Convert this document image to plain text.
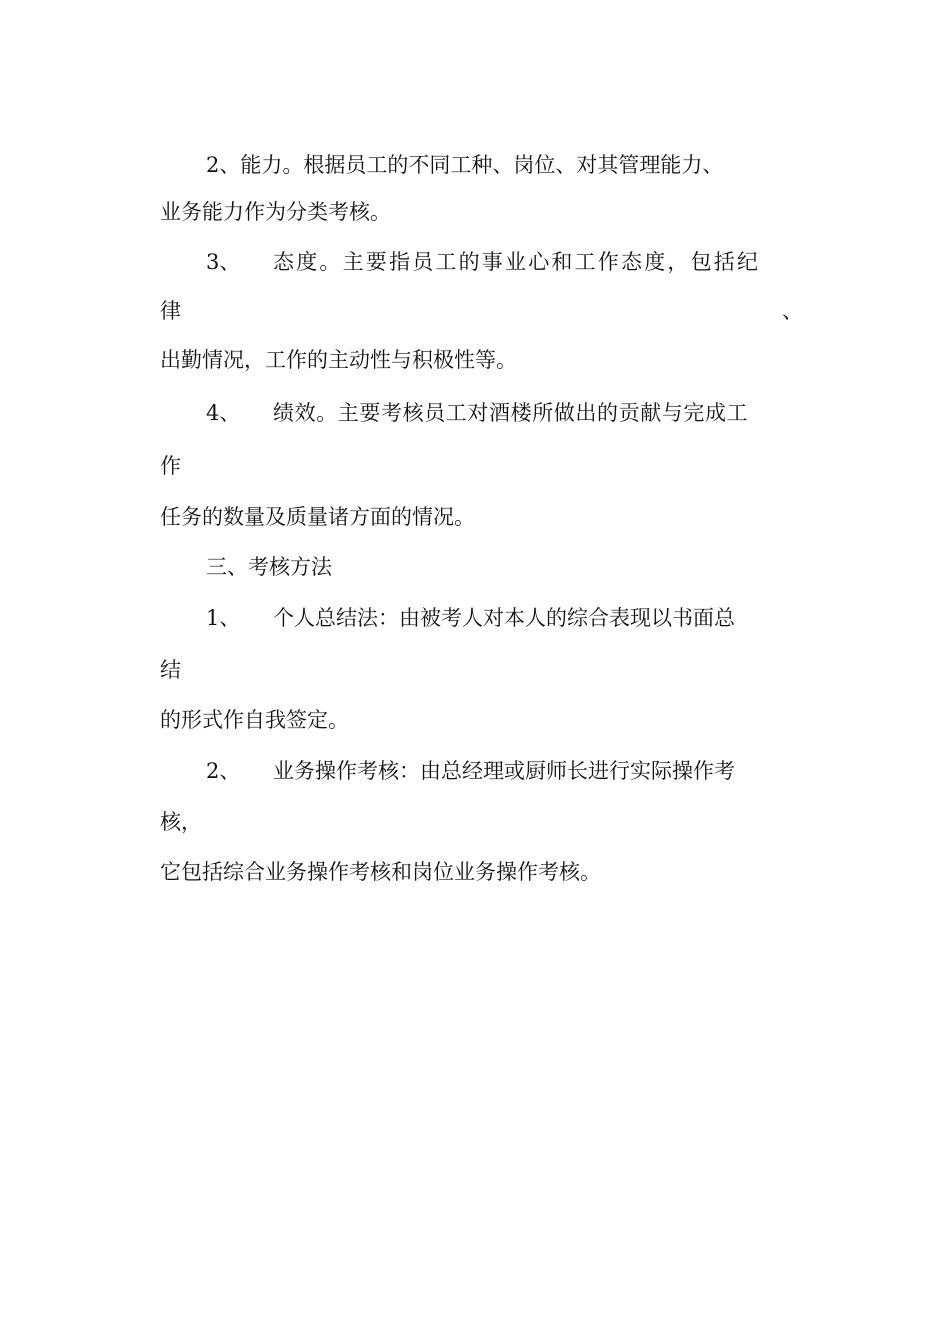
2、能力。根据员工的不同工种、岗位、对其管理能力、
业务能力作为分类考核。
3、 态度。主要指员工的事业心和工作态度，包括纪
律	、
出勤情况，工作的主动性与积极性等。
4、 绩效。主要考核员工对酒楼所做出的贡献与完成工
作
任务的数量及质量诸方面的情况。
三、考核方法
1、 个人总结法：由被考人对本人的综合表现以书面总
结
的形式作自我签定。
2、 业务操作考核：由总经理或厨师长进行实际操作考
核，
它包括综合业务操作考核和岗位业务操作考核。
